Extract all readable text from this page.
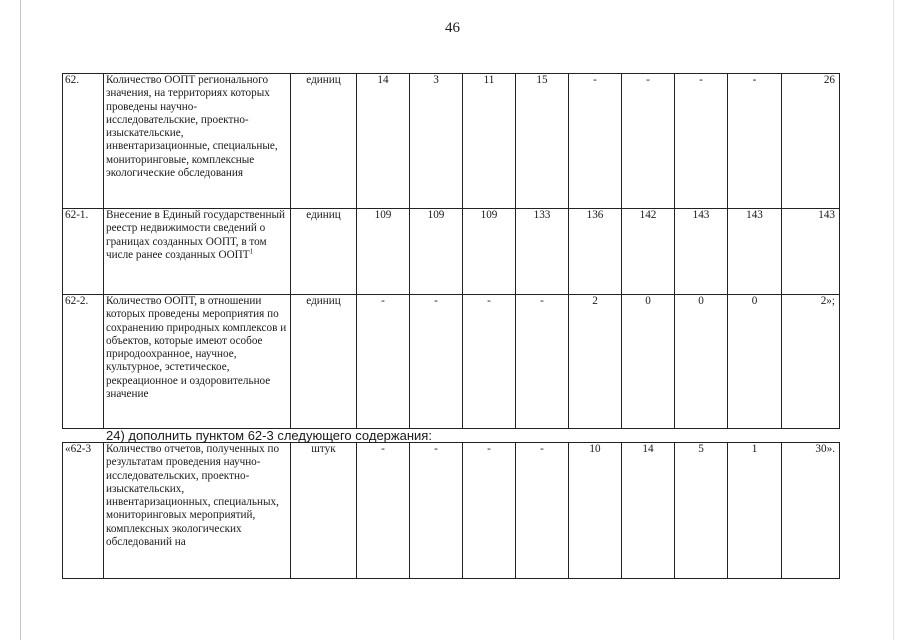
46
62.	Количество ООПТ регионального значения, на территориях которых проведены научно-исследовательские, проектно-изыскательские, инвентаризационные, специальные, мониторинговые, комплексные экологические обследования	единиц	14	3	11	15	-	-	-	-	26
62-1.	Внесение в Единый государственный реестр недвижимости сведений о границах созданных ООПТ, в том числе ранее созданных ООПТ$^1$	единиц	109	109	109	133	136	142	143	143	143
62-2.	Количество ООПТ, в отношении которых проведены мероприятия по сохранению природных комплексов и объектов, которые имеют особое природоохранное, научное, культурное, эстетическое, рекреационное и оздоровительное значение	единиц	-	-	-	-	2	0	0	0	2»;
24) дополнить пунктом 62-3 следующего содержания:
«62-3	Количество отчетов, полученных по результатам проведения научно-исследовательских, проектно-изыскательских, инвентаризационных, специальных, мониторинговых мероприятий, комплексных экологических обследований на	штук	-	-	-	-	10	14	5	1	30».
